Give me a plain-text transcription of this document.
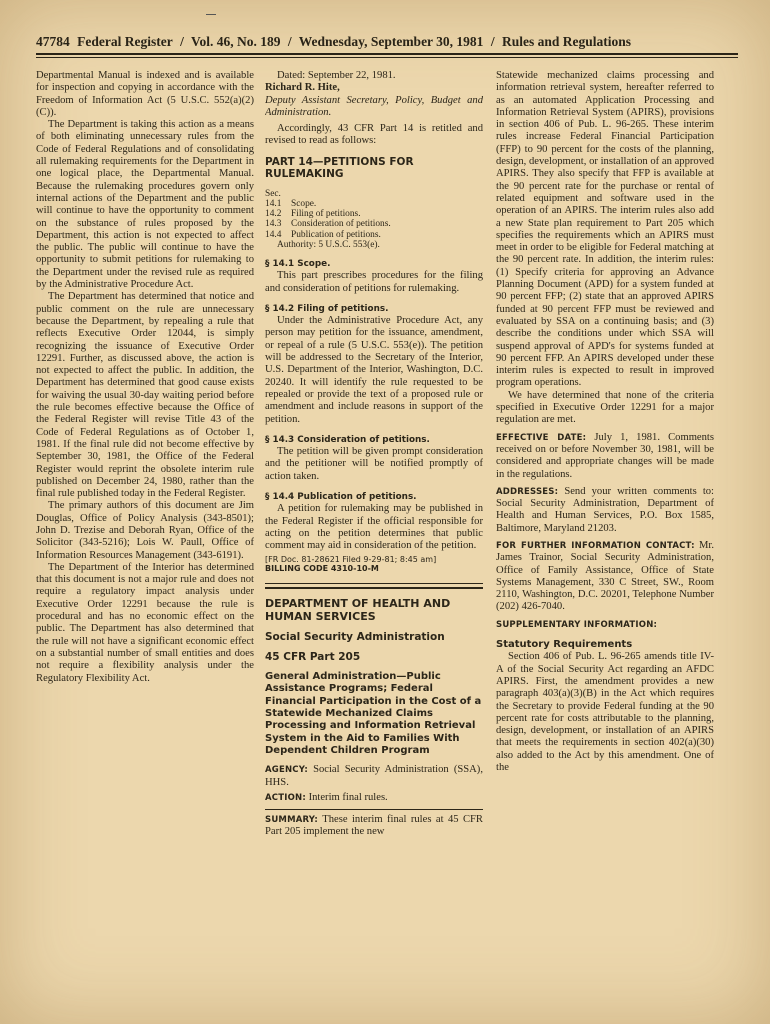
47784 Federal Register / Vol. 46, No. 189 / Wednesday, September 30, 1981 / Rules and Regulations

Departmental Manual is indexed and is available for inspection and copying in accordance with the Freedom of Information Act (5 U.S.C. 552(a)(2)(C)).

The Department is taking this action as a means of both eliminating unnecessary rules from the Code of Federal Regulations and of consolidating all rulemaking requirements for the Department in one logical place, the Departmental Manual. Because the rulemaking procedures govern only internal actions of the Department and the public will continue to have the opportunity to comment on the substance of rules proposed by the Department, this action is not expected to affect the public. The public will continue to have the opportunity to submit petitions for rulemaking to the Department under the revised rule as required by the Administrative Procedure Act.

The Department has determined that notice and public comment on the rule are unnecessary because the Department, by repealing a rule that reflects Executive Order 12044, is simply recognizing the issuance of Executive Order 12291. Further, as discussed above, the action is not expected to affect the public. In addition, the Department has determined that good cause exists for waiving the usual 30-day waiting period before the rule becomes effective because the Office of the Federal Register will revise Title 43 of the Code of Federal Regulations as of October 1, 1981. If the final rule did not become effective by September 30, 1981, the Office of the Federal Register would reprint the obsolete interim rule published on December 24, 1980, rather than the final rule published today in the Federal Register.

The primary authors of this document are Jim Douglas, Office of Policy Analysis (343-8501); John D. Trezise and Deborah Ryan, Office of the Solicitor (343-5216); Lois W. Paull, Office of Information Resources Management (343-6191).

The Department of the Interior has determined that this document is not a major rule and does not require a regulatory impact analysis under Executive Order 12291 because the rule is procedural and has no economic effect on the public. The Department has also determined that the rule will not have a significant economic effect on a substantial number of small entities and does not require a flexibility analysis under the Regulatory Flexibility Act.

Dated: September 22, 1981.

Richard R. Hite,

Deputy Assistant Secretary, Policy, Budget and Administration.

Accordingly, 43 CFR Part 14 is retitled and revised to read as follows:

PART 14—PETITIONS FOR RULEMAKING
Sec.
14.1	Scope.
14.2	Filing of petitions.
14.3	Consideration of petitions.
14.4	Publication of petitions.
Authority: 5 U.S.C. 553(e).
§ 14.1 Scope.

This part prescribes procedures for the filing and consideration of petitions for rulemaking.

§ 14.2 Filing of petitions.

Under the Administrative Procedure Act, any person may petition for the issuance, amendment, or repeal of a rule (5 U.S.C. 553(e)). The petition will be addressed to the Secretary of the Interior, U.S. Department of the Interior, Washington, D.C. 20240. It will identify the rule requested to be repealed or provide the text of a proposed rule or amendment and include reasons in support of the petition.

§ 14.3 Consideration of petitions.

The petition will be given prompt consideration and the petitioner will be notified promptly of action taken.

§ 14.4 Publication of petitions.

A petition for rulemaking may be published in the Federal Register if the official responsible for acting on the petition determines that public comment may aid in consideration of the petition.

[FR Doc. 81-28621 Filed 9-29-81; 8:45 am]
BILLING CODE 4310-10-M
DEPARTMENT OF HEALTH AND HUMAN SERVICES
Social Security Administration
45 CFR Part 205
General Administration—Public Assistance Programs; Federal Financial Participation in the Cost of a Statewide Mechanized Claims Processing and Information Retrieval System in the Aid to Families With Dependent Children Program

AGENCY: Social Security Administration (SSA), HHS.

ACTION: Interim final rules.

SUMMARY: These interim final rules at 45 CFR Part 205 implement the new

Statewide mechanized claims processing and information retrieval system, hereafter referred to as an automated Application Processing and Information Retrieval System (APIRS), provisions in section 406 of Pub. L. 96-265. These interim rules increase Federal Financial Participation (FFP) to 90 percent for the costs of the planning, design, development, or installation of an approved APIRS. They also specify that FFP is available at the 90 percent rate for the purchase or rental of related equipment and software used in the operation of an APIRS. The interim rules also add a new State plan requirement to Part 205 which specifies the requirements which an APIRS must meet in order to be eligible for Federal matching at the 90 percent rate. In addition, the interim rules: (1) Specify criteria for approving an Advance Planning Document (APD) for a system funded at 90 percent FFP; (2) state that an approved APIRS funded at 90 percent FFP must be reviewed and evaluated by SSA on a continuing basis; and (3) describe the conditions under which SSA will suspend approval of APD's for systems funded at 90 percent FFP. An APIRS developed under these interim rules is expected to result in improved program operations.

We have determined that none of the criteria specified in Executive Order 12291 for a major regulation are met.

EFFECTIVE DATE: July 1, 1981. Comments received on or before November 30, 1981, will be considered and appropriate changes will be made in the regulations.

ADDRESSES: Send your written comments to: Social Security Administration, Department of Health and Human Services, P.O. Box 1585, Baltimore, Maryland 21203.

FOR FURTHER INFORMATION CONTACT: Mr. James Trainor, Social Security Administration, Office of Family Assistance, Office of State Systems Management, 330 C Street, SW., Room 2110, Washington, D.C. 20201, Telephone Number (202) 426-7040.

SUPPLEMENTARY INFORMATION:
Statutory Requirements

Section 406 of Pub. L. 96-265 amends title IV-A of the Social Security Act regarding an AFDC APIRS. First, the amendment provides a new paragraph 403(a)(3)(B) in the Act which requires the Secretary to provide Federal funding at the 90 percent rate for costs attributable to the planning, design, development, or installation of an APIRS that meets the requirements in section 402(a)(30) also added to the Act by this amendment. One of the
